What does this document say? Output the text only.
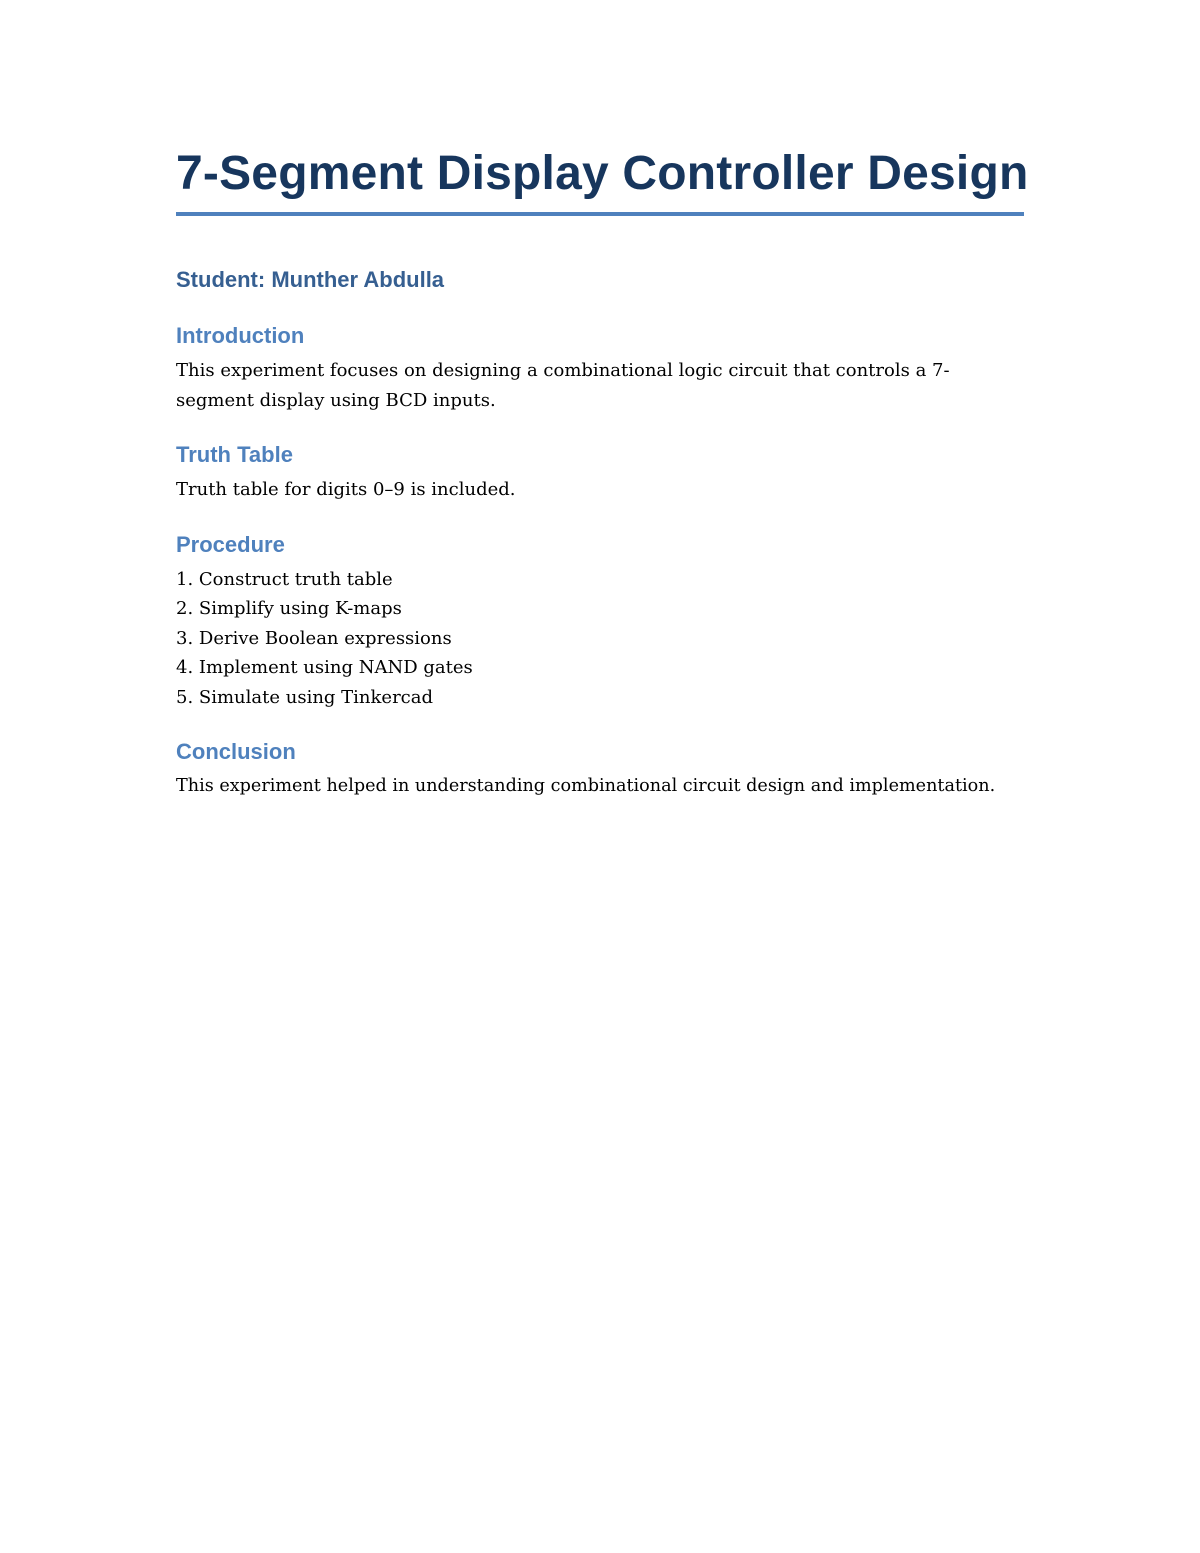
7-Segment Display Controller Design
Student: Munther Abdulla
Introduction

This experiment focuses on designing a combinational logic circuit that controls a 7-segment display using BCD inputs.

Truth Table

Truth table for digits 0–9 is included.

Procedure
1. Construct truth table
2. Simplify using K-maps
3. Derive Boolean expressions
4. Implement using NAND gates
5. Simulate using Tinkercad
Conclusion

This experiment helped in understanding combinational circuit design and implementation.
